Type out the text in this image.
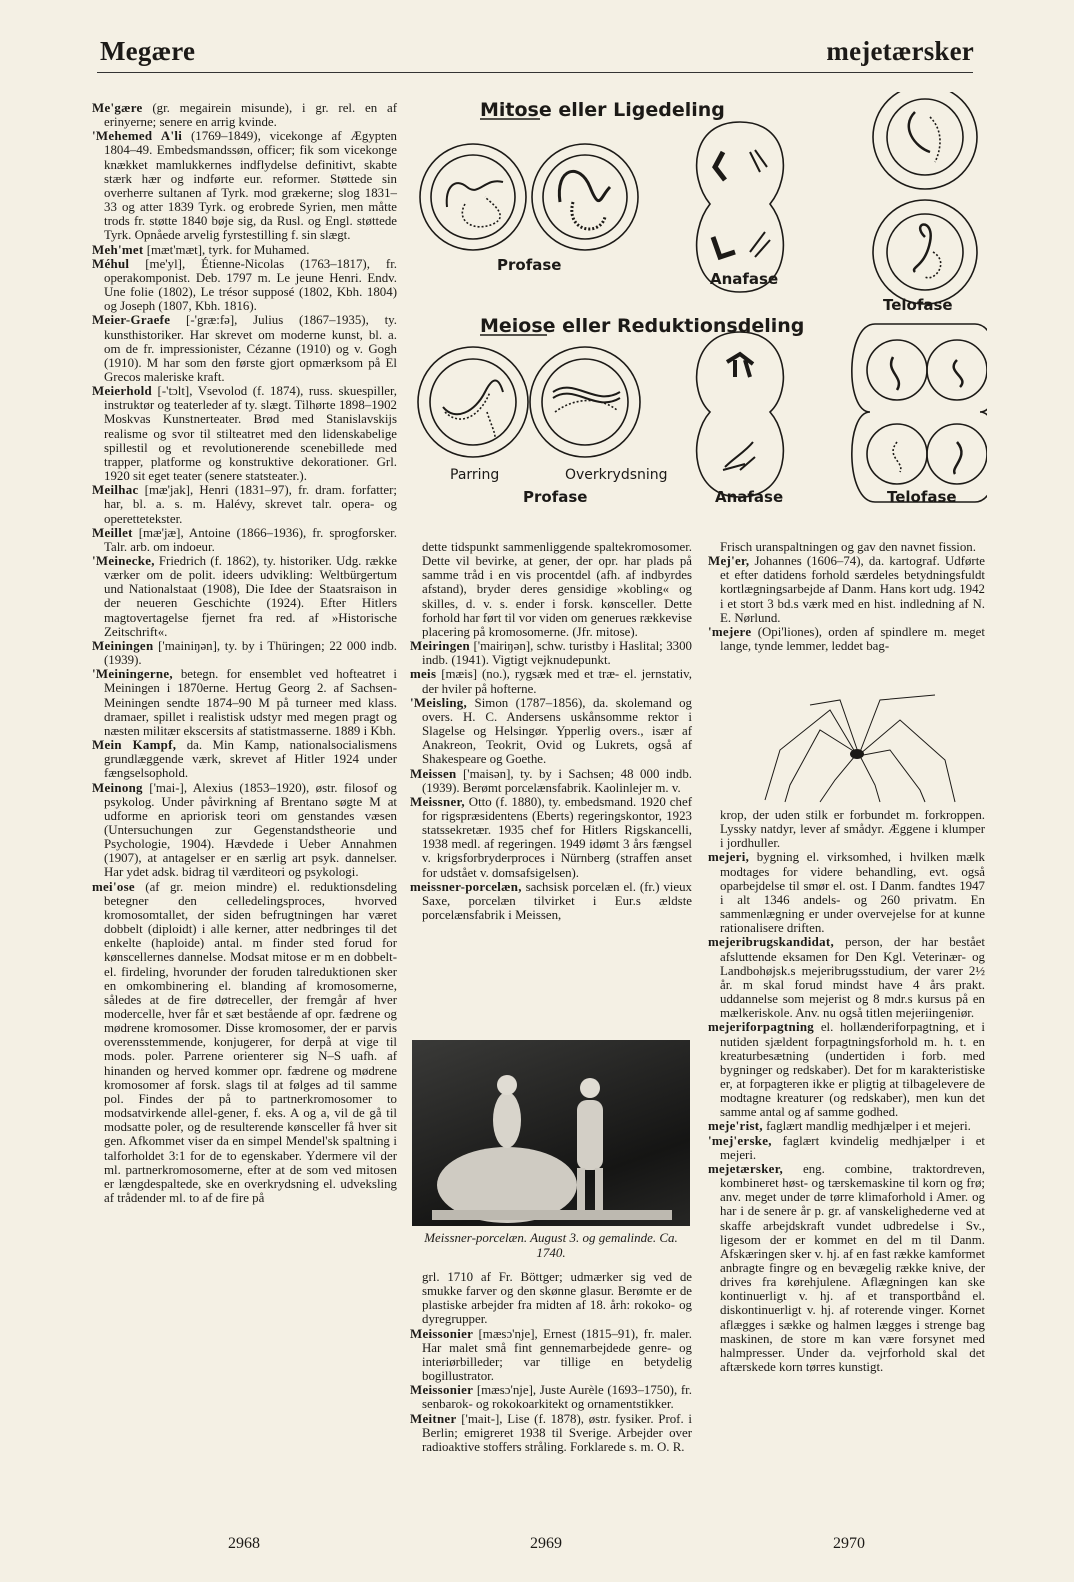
Megære	mejetærsker

Me'gære (gr. megairein misunde), i gr. rel. en af erinyerne; senere en arrig kvinde.

'Mehemed A'li (1769–1849), vicekonge af Ægypten 1804–49. Embedsmandssøn, officer; fik som vicekonge knækket mamlukkernes indflydelse definitivt, skabte stærk hær og indførte eur. reformer. Støttede sin overherre sultanen af Tyrk. mod grækerne; slog 1831–33 og atter 1839 Tyrk. og erobrede Syrien, men måtte trods fr. støtte 1840 bøje sig, da Rusl. og Engl. støttede Tyrk. Opnåede arvelig fyrstestilling f. sin slægt.

Meh'met [mæt'mæt], tyrk. for Muhamed.

Méhul [me'yl], Étienne-Nicolas (1763–1817), fr. operakomponist. Deb. 1797 m. Le jeune Henri. Endv. Une folie (1802), Le trésor supposé (1802, Kbh. 1804) og Joseph (1807, Kbh. 1816).

Meier-Graefe [-'græ:fə], Julius (1867–1935), ty. kunsthistoriker. Har skrevet om moderne kunst, bl. a. om de fr. impressionister, Cézanne (1910) og v. Gogh (1910). M har som den første gjort opmærksom på El Grecos maleriske kraft.

Meierhold [-'tɔlt], Vsevolod (f. 1874), russ. skuespiller, instruktør og teaterleder af ty. slægt. Tilhørte 1898–1902 Moskvas Kunstnerteater. Brød med Stanislavskijs realisme og svor til stilteatret med den lidenskabelige spillestil og et revolutionerende scenebillede med trapper, platforme og konstruktive dekorationer. Grl. 1920 sit eget teater (senere statsteater.).

Meilhac [mæ'jak], Henri (1831–97), fr. dram. forfatter; har, bl. a. s. m. Halévy, skrevet talr. opera- og operettetekster.

Meillet [mæ'jæ], Antoine (1866–1936), fr. sprogforsker. Talr. arb. om indoeur.

'Meinecke, Friedrich (f. 1862), ty. historiker. Udg. række værker om de polit. ideers udvikling: Weltbürgertum und Nationalstaat (1908), Die Idee der Staatsraison in der neueren Geschichte (1924). Efter Hitlers magtovertagelse fjernet fra red. af »Historische Zeitschrift«.

Meiningen ['mainiŋən], ty. by i Thüringen; 22 000 indb. (1939).

'Meiningerne, betegn. for ensemblet ved hofteatret i Meiningen i 1870erne. Hertug Georg 2. af Sachsen-Meiningen sendte 1874–90 M på turneer med klass. dramaer, spillet i realistisk udstyr med megen pragt og næsten militær ekscersits af statistmasserne. 1889 i Kbh.

Mein Kampf, da. Min Kamp, nationalsocialismens grundlæggende værk, skrevet af Hitler 1924 under fængselsophold.

Meinong ['mai-], Alexius (1853–1920), østr. filosof og psykolog. Under påvirkning af Brentano søgte M at udforme en apriorisk teori om genstandes væsen (Untersuchungen zur Gegenstandstheorie und Psychologie, 1904). Hævdede i Ueber Annahmen (1907), at antagelser er en særlig art psyk. dannelser. Har ydet adsk. bidrag til værditeori og psykologi.

mei'ose (af gr. meion mindre) el. reduktionsdeling betegner den celledelingsproces, hvorved kromosomtallet, der siden befrugtningen har været dobbelt (diploidt) i alle kerner, atter nedbringes til det enkelte (haploide) antal. m finder sted forud for kønscellernes dannelse. Modsat mitose er m en dobbelt- el. firdeling, hvorunder der foruden talreduktionen sker en omkombinering el. blanding af kromosomerne, således at de fire døtreceller, der fremgår af hver modercelle, hver får et sæt bestående af opr. fædrene og mødrene kromosomer. Disse kromosomer, der er parvis overensstemmende, konjugerer, for derpå at vige til mods. poler. Parrene orienterer sig N–S uafh. af hinanden og herved kommer opr. fædrene og mødrene kromosomer af forsk. slags til at følges ad til samme pol. Findes der på to partnerkromosomer to modsatvirkende allel-gener, f. eks. A og a, vil de gå til modsatte poler, og de resulterende kønsceller få hver sit gen. Afkommet viser da en simpel Mendel'sk spaltning i talforholdet 3:1 for de to egenskaber. Ydermere vil der ml. partnerkromosomerne, efter at de som ved mitosen er længdespaltede, ske en overkrydsning el. udveksling af trådender ml. to af de fire på

Mitose eller Ligedeling
Profase
Anafase
Telofase
Meiose eller Reduktionsdeling
Parring	Overkrydsning
Profase	Anafase	Telofase

dette tidspunkt sammenliggende spaltekromosomer. Dette vil bevirke, at gener, der opr. har plads på samme tråd i en vis procentdel (afh. af indbyrdes afstand), bryder deres gensidige »kobling« og skilles, d. v. s. ender i forsk. kønsceller. Dette forhold har ført til vor viden om generues rækkevise placering på kromosomerne. (Jfr. mitose).

Meiringen ['mairiŋən], schw. turistby i Haslital; 3300 indb. (1941). Vigtigt vejknudepunkt.

meis [mæis] (no.), rygsæk med et træ- el. jernstativ, der hviler på hofterne.

'Meisling, Simon (1787–1856), da. skolemand og overs. H. C. Andersens uskånsomme rektor i Slagelse og Helsingør. Ypperlig overs., især af Anakreon, Teokrit, Ovid og Lukrets, også af Shakespeare og Goethe.

Meissen ['maisən], ty. by i Sachsen; 48 000 indb. (1939). Berømt porcelænsfabrik. Kaolinlejer m. v.

Meissner, Otto (f. 1880), ty. embedsmand. 1920 chef for rigspræsidentens (Eberts) regeringskontor, 1923 statssekretær. 1935 chef for Hitlers Rigskancelli, 1938 medl. af regeringen. 1949 idømt 3 års fængsel v. krigsforbryderproces i Nürnberg (straffen anset for udstået v. domsafsigelsen).

meissner-porcelæn, sachsisk porcelæn el. (fr.) vieux Saxe, porcelæn tilvirket i Eur.s ældste porcelænsfabrik i Meissen,

Meissner-porcelæn. August 3. og gemalinde. Ca. 1740.

grl. 1710 af Fr. Böttger; udmærker sig ved de smukke farver og den skønne glasur. Berømte er de plastiske arbejder fra midten af 18. årh: rokoko- og dyregrupper.

Meissonier [mæsɔ'nje], Ernest (1815–91), fr. maler. Har malet små fint gennemarbejdede genre- og interiørbilleder; var tillige en betydelig bogillustrator.

Meissonier [mæsɔ'nje], Juste Aurèle (1693–1750), fr. senbarok- og rokokoarkitekt og ornamentstikker.

Meitner ['mait-], Lise (f. 1878), østr. fysiker. Prof. i Berlin; emigreret 1938 til Sverige. Arbejder over radioaktive stoffers stråling. Forklarede s. m. O. R.

Frisch uranspaltningen og gav den navnet fission.

Mej'er, Johannes (1606–74), da. kartograf. Udførte et efter datidens forhold særdeles betydningsfuldt kortlægningsarbejde af Danm. Hans kort udg. 1942 i et stort 3 bd.s værk med en hist. indledning af N. E. Nørlund.

'mejere (Opi'liones), orden af spindlere m. meget lange, tynde lemmer, leddet bag-

krop, der uden stilk er forbundet m. forkroppen. Lyssky natdyr, lever af smådyr. Æggene i klumper i jordhuller.

mejeri, bygning el. virksomhed, i hvilken mælk modtages for videre behandling, evt. også oparbejdelse til smør el. ost. I Danm. fandtes 1947 i alt 1346 andels- og 260 privatm. En sammenlægning er under overvejelse for at kunne rationalisere driften.

mejeribrugskandidat, person, der har bestået afsluttende eksamen for Den Kgl. Veterinær- og Landbohøjsk.s mejeribrugsstudium, der varer 2½ år. m skal forud mindst have 4 års prakt. uddannelse som mejerist og 8 mdr.s kursus på en mælkeriskole. Anv. nu også titlen mejeriingeniør.

mejeriforpagtning el. hollænderiforpagtning, et i nutiden sjældent forpagtningsforhold m. h. t. en kreaturbesætning (undertiden i forb. med bygninger og redskaber). Det for m karakteristiske er, at forpagteren ikke er pligtig at tilbagelevere de modtagne kreaturer (og redskaber), men kun det samme antal og af samme godhed.

meje'rist, faglært mandlig medhjælper i et mejeri.

'mej'erske, faglært kvindelig medhjælper i et mejeri.

mejetærsker, eng. combine, traktordreven, kombineret høst- og tærskemaskine til korn og frø; anv. meget under de tørre klimaforhold i Amer. og har i de senere år p. gr. af vanskelighederne ved at skaffe arbejdskraft vundet udbredelse i Sv., ligesom der er kommet en del m til Danm. Afskæringen sker v. hj. af en fast række kamformet anbragte fingre og en bevægelig række knive, der drives fra kørehjulene. Aflægningen kan ske kontinuerligt v. hj. af et transportbånd el. diskontinuerligt v. hj. af roterende vinger. Kornet aflægges i sække og halmen lægges i strenge bag maskinen, de store m kan være forsynet med halmpresser. Under da. vejrforhold skal det aftærskede korn tørres kunstigt.

2968	2969	2970
